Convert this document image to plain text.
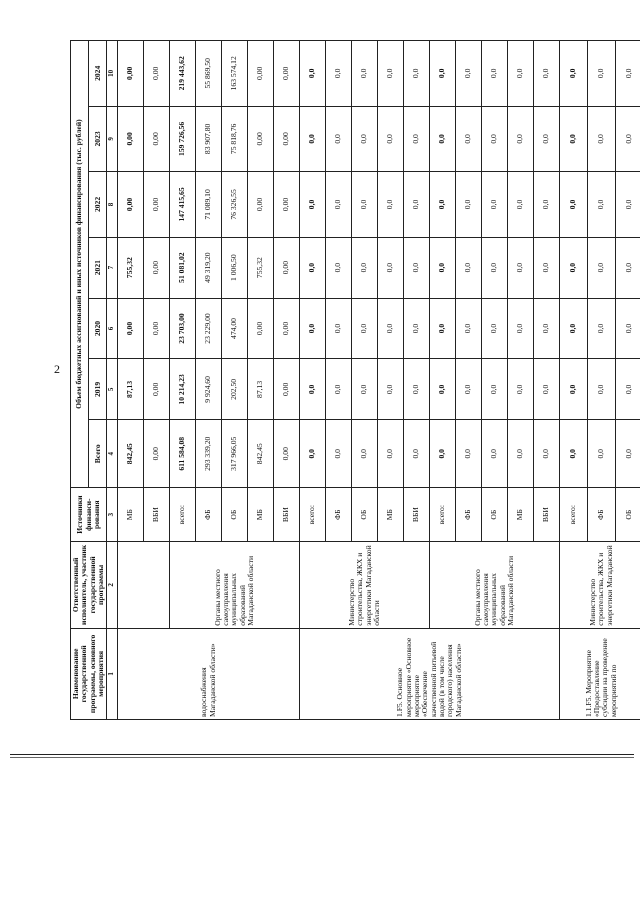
2
Наименование государственной программы, основного мероприятия	Ответственный исполнитель, участник государственной программы	Источники финанси-рования	Объем бюджетных ассигнований и иных источников финансирования (тыс. рублей)						
			Всего	2019	2020	2021	2022	2023	2024
1	2	3	4	5	6	7	8	9	10
водоснабжения Магаданской области»		МБ	842,45	87,13	0,00	755,32	0,00	0,00	0,00
		ВБИ	0,00	0,00	0,00	0,00	0,00	0,00	0,00
	Органы местного самоуправления муниципальных образований Магаданской области	всего:	611 584,08	10 214,23	23 703,00	51 081,02	147 415,65	159 726,56	219 443,62
		ФБ	293 339,20	9 924,60	23 229,00	49 319,20	71 089,10	83 907,80	55 869,50
		ОБ	317 966,05	202,50	474,00	1 006,50	76 326,55	75 818,76	163 574,12
		МБ	842,45	87,13	0,00	755,32	0,00	0,00	0,00
		ВБИ	0,00	0,00	0,00	0,00	0,00	0,00	0,00
1.F5. Основное мероприятие «Основное мероприятие «Обеспечение качественной питьевой водой (в том числе городского) населения Магаданской области»	Министерство строительства, ЖКХ и энергетики Магаданской области	всего:	0,0	0,0	0,0	0,0	0,0	0,0	0,0
		ФБ	0,0	0,0	0,0	0,0	0,0	0,0	0,0
		ОБ	0,0	0,0	0,0	0,0	0,0	0,0	0,0
		МБ	0,0	0,0	0,0	0,0	0,0	0,0	0,0
		ВБИ	0,0	0,0	0,0	0,0	0,0	0,0	0,0
	Органы местного самоуправления муниципальных образований Магаданской области	всего:	0,0	0,0	0,0	0,0	0,0	0,0	0,0
		ФБ	0,0	0,0	0,0	0,0	0,0	0,0	0,0
		ОБ	0,0	0,0	0,0	0,0	0,0	0,0	0,0
		МБ	0,0	0,0	0,0	0,0	0,0	0,0	0,0
		ВБИ	0,0	0,0	0,0	0,0	0,0	0,0	0,0
1.1.F5. Мероприятие «Предоставление субсидии на проведение мероприятий по	Министерство строительства, ЖКХ и энергетики Магаданской	всего:	0,0	0,0	0,0	0,0	0,0	0,0	0,0
		ФБ	0,0	0,0	0,0	0,0	0,0	0,0	0,0
		ОБ	0,0	0,0	0,0	0,0	0,0	0,0	0,0
